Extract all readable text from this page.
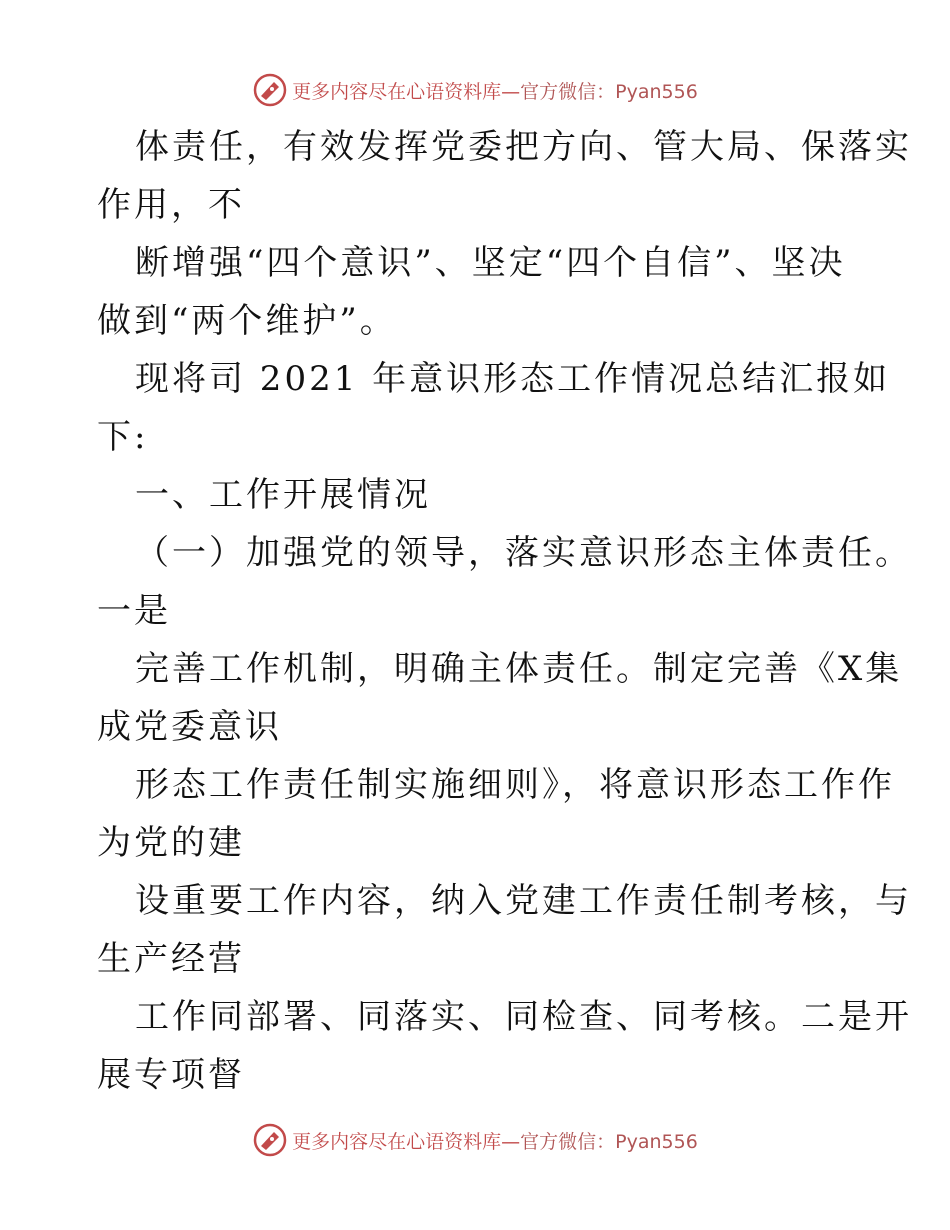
更多内容尽在心语资料库— 官方微信：Pyan556
体责任，有效发挥党委把方向、管大局、保落实
作用，不
断增强“四个意识”、坚定“四个自信”、坚决
做到“两个维护”。
现将司 2021 年意识形态工作情况总结汇报如
下:
一、工作开展情况
（一）加强党的领导，落实意识形态主体责任。
一是
完善工作机制，明确主体责任。制定完善《X集
成党委意识
形态工作责任制实施细则》，将意识形态工作作
为党的建
设重要工作内容，纳入党建工作责任制考核，与
生产经营
工作同部署、同落实、同检查、同考核。二是开
展专项督
更多内容尽在心语资料库— 官方微信：Pyan556
